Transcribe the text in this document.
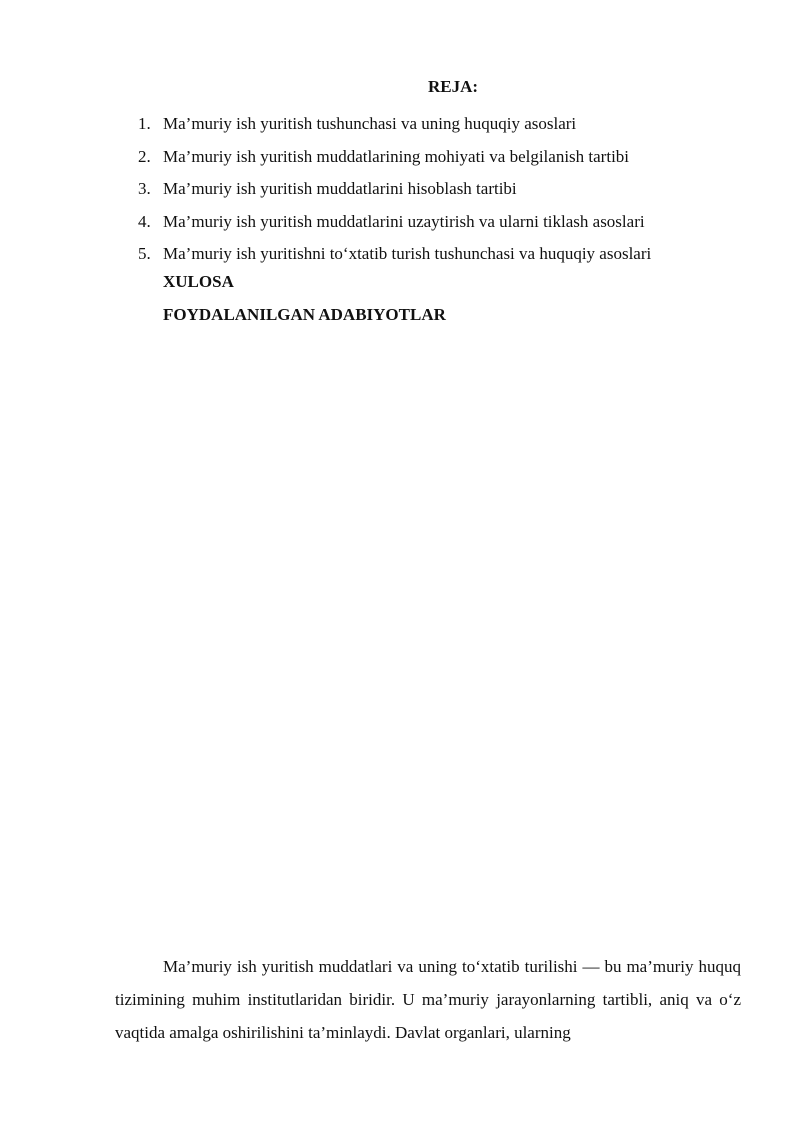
REJA:
1. Ma’muriy ish yuritish tushunchasi va uning huquqiy asoslari
2. Ma’muriy ish yuritish muddatlarining mohiyati va belgilanish tartibi
3. Ma’muriy ish yuritish muddatlarini hisoblash tartibi
4. Ma’muriy ish yuritish muddatlarini uzaytirish va ularni tiklash asoslari
5. Ma’muriy ish yuritishni to‘xtatib turish tushunchasi va huquqiy asoslari
XULOSA
FOYDALANILGAN ADABIYOTLAR

Ma’muriy ish yuritish muddatlari va uning to‘xtatib turilishi — bu ma’muriy huquq tizimining muhim institutlaridan biridir. U ma’muriy jarayonlarning tartibli, aniq va o‘z vaqtida amalga oshirilishini ta’minlaydi. Davlat organlari, ularning
